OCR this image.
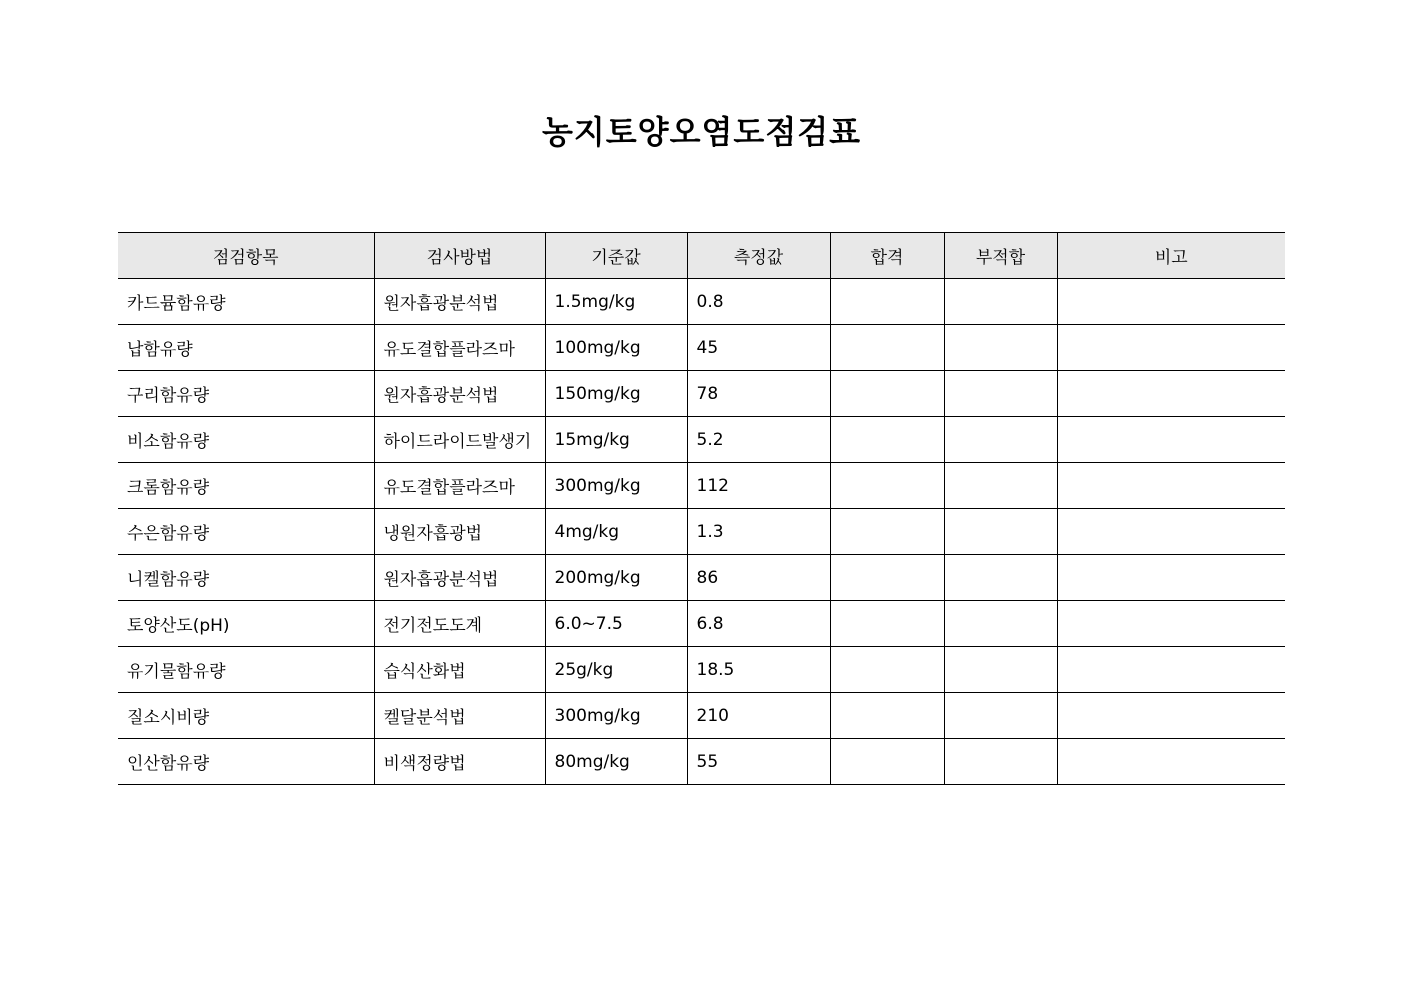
농지토양오염도점검표
점검항목	검사방법	기준값	측정값	합격	부적합	비고
카드뮴함유량	원자흡광분석법	1.5mg/kg	0.8			
납함유량	유도결합플라즈마	100mg/kg	45			
구리함유량	원자흡광분석법	150mg/kg	78			
비소함유량	하이드라이드발생기	15mg/kg	5.2			
크롬함유량	유도결합플라즈마	300mg/kg	112			
수은함유량	냉원자흡광법	4mg/kg	1.3			
니켈함유량	원자흡광분석법	200mg/kg	86			
토양산도(pH)	전기전도도계	6.0~7.5	6.8			
유기물함유량	습식산화법	25g/kg	18.5			
질소시비량	켈달분석법	300mg/kg	210			
인산함유량	비색정량법	80mg/kg	55			
